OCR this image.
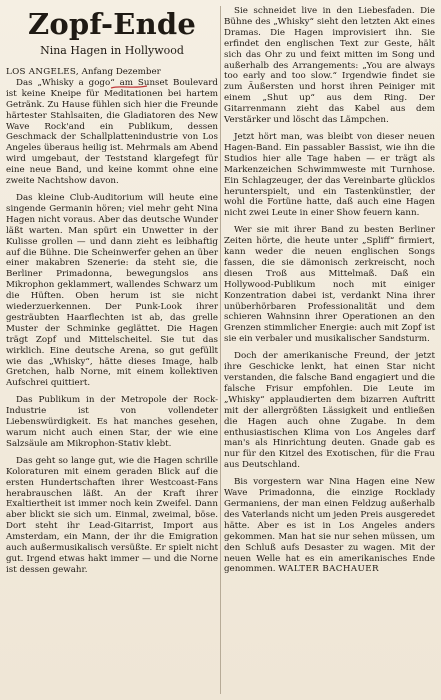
Zopf-Ende
Nina Hagen in Hollywood

LOS ANGELES, Anfang Dezember

Das „Whisky a gogo“ am Sunset Boulevard ist keine Kneipe für Meditationen bei hartem Getränk. Zu Hause fühlen sich hier die Freunde härtester Stahlsaiten, die Gladiatoren des New Wave Rock'and ein Publikum, dessen Geschmack der Schallplattenindustrie von Los Angeles überaus heilig ist. Mehrmals am Abend wird umgebaut, der Teststand klargefegt für eine neue Band, und keine kommt ohne eine zweite Nachtshow davon.

Das kleine Club-Auditorium will heute eine singende Germanin hören; viel mehr geht Nina Hagen nicht voraus. Aber das deutsche Wunder läßt warten. Man spürt ein Unwetter in der Kulisse grollen — und dann zieht es leibhaftig auf die Bühne. Die Scheinwerfer gehen an über einer makabren Szenerie: da steht sie, die Berliner Primadonna, bewegungslos ans Mikrophon geklammert, wallendes Schwarz um die Hüften. Oben herum ist sie nicht wiederzuerkennen. Der Punk-Look ihrer gesträubten Haarflechten ist ab, das grelle Muster der Schminke geglättet. Die Hagen trägt Zopf und Mittelscheitel. Sie tut das wirklich. Eine deutsche Arena, so gut gefüllt wie das „Whisky“, hätte dieses Image, halb Gretchen, halb Norne, mit einem kollektiven Aufschrei quittiert.

Das Publikum in der Metropole der Rock-Industrie ist von vollendeter Liebenswürdigkeit. Es hat manches gesehen, warum nicht auch einen Star, der wie eine Salzsäule am Mikrophon-Stativ klebt.

Das geht so lange gut, wie die Hagen schrille Koloraturen mit einem geraden Blick auf die ersten Hundertschaften ihrer Westcoast-Fans herabrauschen läßt. An der Kraft ihrer Exaltiertheit ist immer noch kein Zweifel. Dann aber blickt sie sich um. Einmal, zweimal, böse. Dort steht ihr Lead-Gitarrist, Import aus Amsterdam, ein Mann, der ihr die Emigration auch außermusikalisch versüßte. Er spielt nicht gut. Irgend etwas hakt immer — und die Norne ist dessen gewahr.

Sie schneidet live in den Liebesfaden. Die Bühne des „Whisky“ sieht den letzten Akt eines Dramas. Die Hagen improvisiert ihn. Sie erfindet den englischen Text zur Geste, hält sich das Ohr zu und feixt mitten im Song und außerhalb des Arrangements: „You are always too early and too slow.“ Irgendwie findet sie zum Äußersten und horst ihren Peiniger mit einem „Shut up“ aus dem Ring. Der Gitarrenmann zieht das Kabel aus dem Verstärker und löscht das Lämpchen.

Jetzt hört man, was bleibt von dieser neuen Hagen-Band. Ein passabler Bassist, wie ihn die Studios hier alle Tage haben — er trägt als Markenzeichen Schwimmweste mit Turnhose. Ein Schlagzeuger, der das Vereinbarte glücklos herunterspielt, und ein Tastenkünstler, der wohl die Fortüne hatte, daß auch eine Hagen nicht zwei Leute in einer Show feuern kann.

Wer sie mit ihrer Band zu besten Berliner Zeiten hörte, die heute unter „Spliff“ firmiert, kann weder die neuen englischen Songs fassen, die sie dämonisch zerkreischt, noch diesen Troß aus Mittelmaß. Daß ein Hollywood-Publikum noch mit einiger Konzentration dabei ist, verdankt Nina ihrer unüberhörbaren Professionalität und dem schieren Wahnsinn ihrer Operationen an den Grenzen stimmlicher Energie: auch mit Zopf ist sie ein verbaler und musikalischer Sandsturm.

Doch der amerikanische Freund, der jetzt ihre Geschicke lenkt, hat einen Star nicht verstanden, die falsche Band engagiert und die falsche Frisur empfohlen. Die Leute im „Whisky“ applaudierten dem bizarren Auftritt mit der allergrößten Lässigkeit und entließen die Hagen auch ohne Zugabe. In dem enthusiastischen Klima von Los Angeles darf man's als Hinrichtung deuten. Gnade gab es nur für den Kitzel des Exotischen, für die Frau aus Deutschland.

Bis vorgestern war Nina Hagen eine New Wave Primadonna, die einzige Rocklady Germaniens, der man einen Feldzug außerhalb des Vaterlands nicht um jeden Preis ausgeredet hätte. Aber es ist in Los Angeles anders gekommen. Man hat sie nur sehen müssen, um den Schluß aufs Desaster zu wagen. Mit der neuen Welle hat es ein amerikanisches Ende genommen. WALTER BACHAUER
